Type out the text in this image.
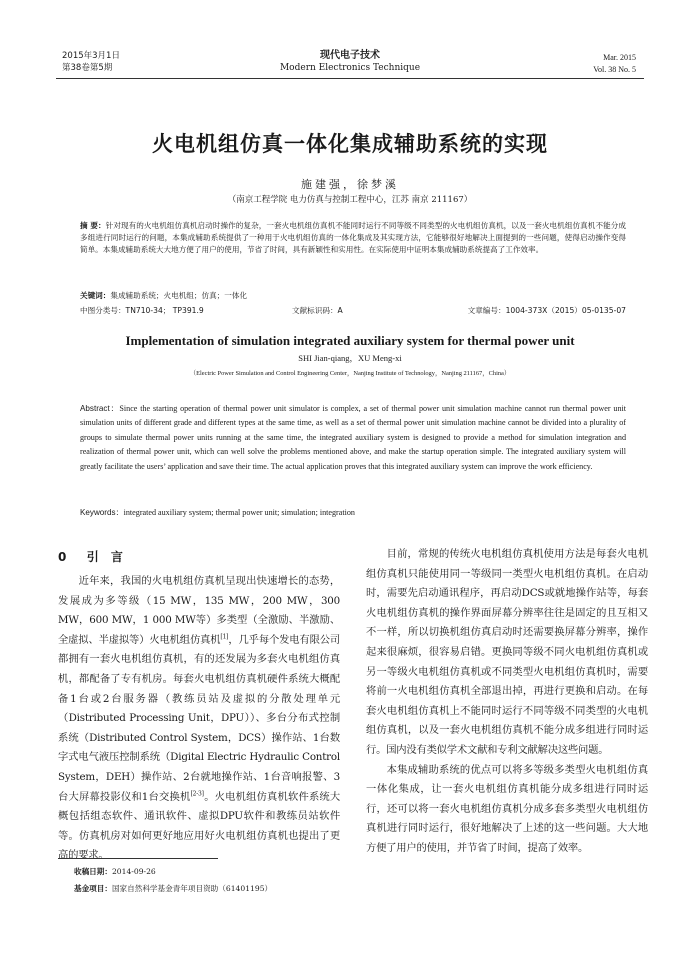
2015年3月1日
第38卷第5期
现代电子技术
Modern Electronics Technique
Mar. 2015
Vol. 38 No. 5
火电机组仿真一体化集成辅助系统的实现
施建强，徐梦溪
（南京工程学院 电力仿真与控制工程中心，江苏 南京 211167）
摘 要：针对现有的火电机组仿真机启动时操作的复杂，一套火电机组仿真机不能同时运行不同等级不同类型的火电机组仿真机，以及一套火电机组仿真机不能分成多组进行同时运行的问题，本集成辅助系统提供了一种用于火电机组仿真的一体化集成及其实现方法，它能够很好地解决上面提到的一些问题，使得启动操作变得简单。本集成辅助系统大大地方便了用户的使用，节省了时间，具有新颖性和实用性。在实际使用中证明本集成辅助系统提高了工作效率。
关键词：集成辅助系统；火电机组；仿真；一体化
中图分类号：TN710-34； TP391.9	文献标识码：A	文章编号：1004-373X（2015）05-0135-07
Implementation of simulation integrated auxiliary system for thermal power unit
SHI Jian-qiang，XU Meng-xi
（Electric Power Simulation and Control Engineering Center，Nanjing Institute of Technology，Nanjing 211167，China）
Abstract：Since the starting operation of thermal power unit simulator is complex, a set of thermal power unit simulation machine cannot run thermal power unit simulation units of different grade and different types at the same time, as well as a set of thermal power unit simulation machine cannot be divided into a plurality of groups to simulate thermal power units running at the same time, the integrated auxiliary system is designed to provide a method for simulation integration and realization of thermal power unit, which can well solve the problems mentioned above, and make the startup operation simple. The integrated auxiliary system will greatly facilitate the users’ application and save their time. The actual application proves that this integrated auxiliary system can improve the work efficiency.
Keywords：integrated auxiliary system; thermal power unit; simulation; integration
0 引 言

近年来，我国的火电机组仿真机呈现出快速增长的态势，发展成为多等级（15 MW，135 MW，200 MW，300 MW，600 MW，1 000 MW等）多类型（全激励、半激励、全虚拟、半虚拟等）火电机组仿真机[1]，几乎每个发电有限公司都拥有一套火电机组仿真机，有的还发展为多套火电机组仿真机，都配备了专有机房。每套火电机组仿真机硬件系统大概配备1台或2台服务器（教练员站及虚拟的分散处理单元（Distributed Processing Unit，DPU））、多台分布式控制系统（Distributed Control System，DCS）操作站、1台数字式电气液压控制系统（Digital Electric Hydraulic Control System，DEH）操作站、2台就地操作站、1台音响报警、3台大屏幕投影仪和1台交换机[2-3]。火电机组仿真机软件系统大概包括组态软件、通讯软件、虚拟DPU软件和教练员站软件等。仿真机房对如何更好地应用好火电机组仿真机也提出了更高的要求。

目前，常规的传统火电机组仿真机使用方法是每套火电机组仿真机只能使用同一等级同一类型火电机组仿真机。在启动时，需要先启动通讯程序，再启动DCS或就地操作站等，每套火电机组仿真机的操作界面屏幕分辨率往往是固定的且互相又不一样，所以切换机组仿真启动时还需要换屏幕分辨率，操作起来很麻烦，很容易启错。更换同等级不同火电机组仿真机或另一等级火电机组仿真机或不同类型火电机组仿真机时，需要将前一火电机组仿真机全部退出掉，再进行更换和启动。在每套火电机组仿真机上不能同时运行不同等级不同类型的火电机组仿真机，以及一套火电机组仿真机不能分成多组进行同时运行。国内没有类似学术文献和专利文献解决这些问题。

本集成辅助系统的优点可以将多等级多类型火电机组仿真一体化集成，让一套火电机组仿真机能分成多组进行同时运行，还可以将一套火电机组仿真机分成多套多类型火电机组仿真机进行同时运行，很好地解决了上述的这一些问题。大大地方便了用户的使用，并节省了时间，提高了效率。

收稿日期：2014-09-26
基金项目：国家自然科学基金青年项目资助（61401195）
